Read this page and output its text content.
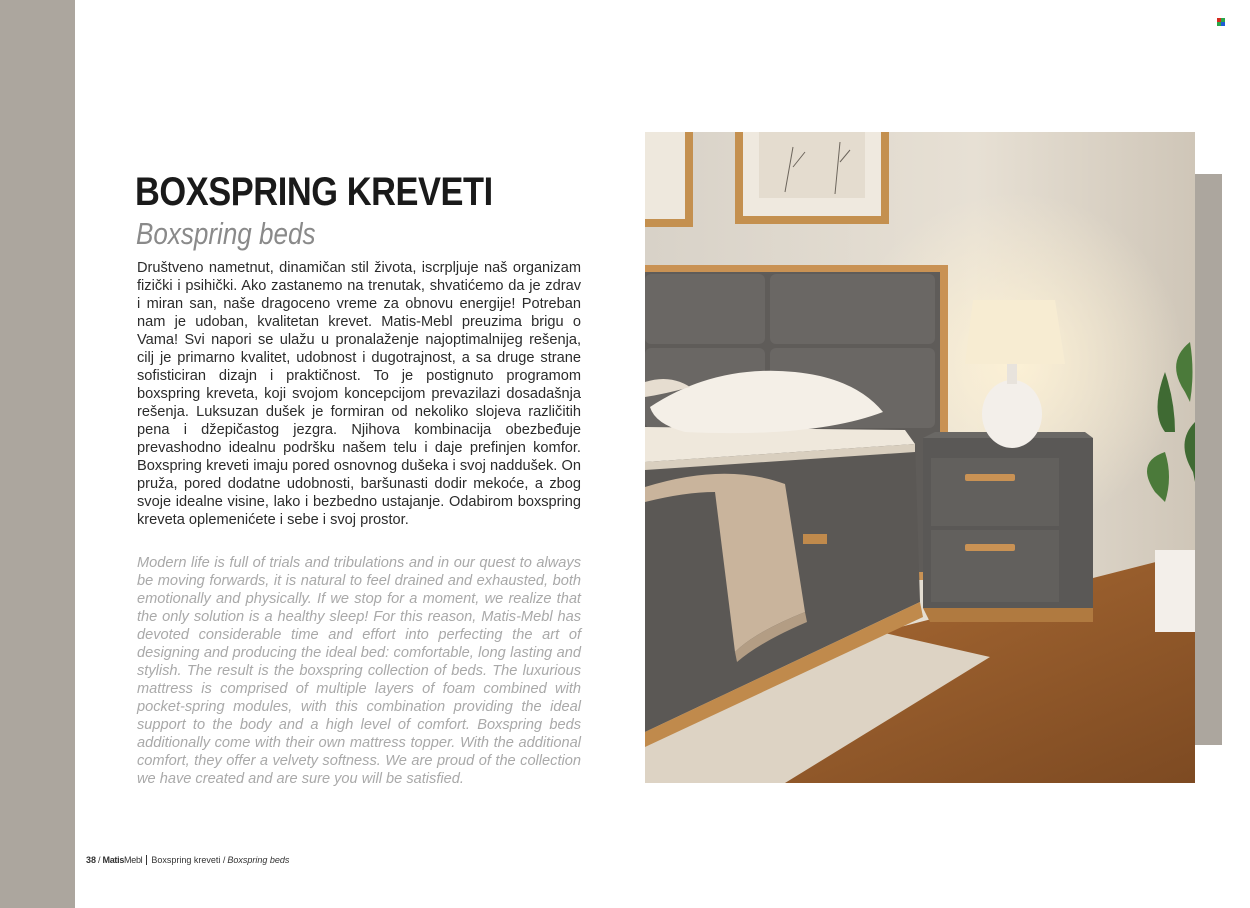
BOXSPRING KREVETI
Boxspring beds

Društveno nametnut, dinamičan stil života, iscrpljuje naš organizam fizički i psihički. Ako zastanemo na trenutak, shvatićemo da je zdrav i miran san, naše dragoceno vreme za obnovu energije! Potreban nam je udoban, kvalitetan krevet. Matis-Mebl preuzima brigu o Vama! Svi napori se ulažu u pronalaženje najoptimalnijeg rešenja, cilj je primarno kvalitet, udobnost i dugotrajnost, a sa druge strane sofisticiran dizajn i praktičnost. To je postignuto programom boxspring kreveta, koji svojom koncepcijom prevazilazi dosadašnja rešenja. Luksuzan dušek je formiran od nekoliko slojeva različitih pena i džepičastog jezgra. Njihova kombinacija obezbeđuje prevashodno idealnu podršku našem telu i daje prefinjen komfor. Boxspring kreveti imaju pored osnovnog dušeka i svoj naddušek. On pruža, pored dodatne udobnosti, baršunasti dodir mekoće, a zbog svoje idealne visine, lako i bezbedno ustajanje. Odabirom boxspring kreveta oplemenićete i sebe i svoj prostor.

Modern life is full of trials and tribulations and in our quest to always be moving forwards, it is natural to feel drained and exhausted, both emotionally and physically. If we stop for a moment, we realize that the only solution is a healthy sleep! For this reason, Matis-Mebl has devoted considerable time and effort into perfecting the art of designing and producing the ideal bed: comfortable, long lasting and stylish. The result is the boxspring collection of beds. The luxurious mattress is comprised of multiple layers of foam combined with pocket-spring modules, with this combination providing the ideal support to the body and a high level of comfort. Boxspring beds additionally come with their own mattress topper. With the additional comfort, they offer a velvety softness. We are proud of the collection we have created and are sure you will be satisfied.

38 / MatisMebl Boxspring kreveti / Boxspring beds
